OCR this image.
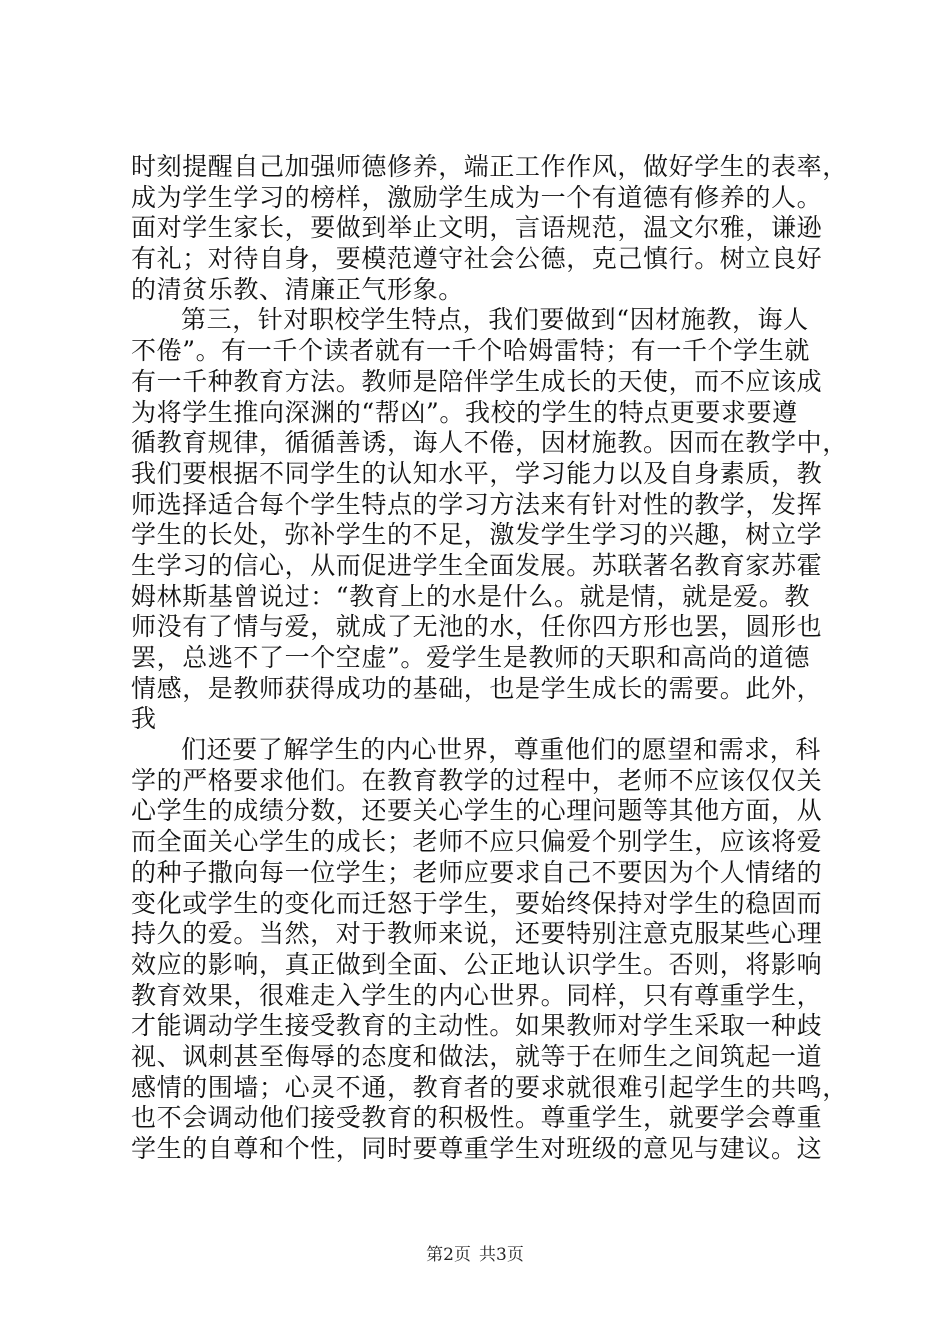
时刻提醒自己加强师德修养，端正工作作风，做好学生的表率，
成为学生学习的榜样，激励学生成为一个有道德有修养的人。
面对学生家长，要做到举止文明，言语规范，温文尔雅，谦逊
有礼；对待自身，要模范遵守社会公德，克己慎行。树立良好
的清贫乐教、清廉正气形象。
第三，针对职校学生特点，我们要做到“因材施教，诲人
不倦”。有一千个读者就有一千个哈姆雷特；有一千个学生就
有一千种教育方法。教师是陪伴学生成长的天使，而不应该成
为将学生推向深渊的“帮凶”。我校的学生的特点更要求要遵
循教育规律，循循善诱，诲人不倦，因材施教。因而在教学中，
我们要根据不同学生的认知水平，学习能力以及自身素质，教
师选择适合每个学生特点的学习方法来有针对性的教学，发挥
学生的长处，弥补学生的不足，激发学生学习的兴趣，树立学
生学习的信心，从而促进学生全面发展。苏联著名教育家苏霍
姆林斯基曾说过：“教育上的水是什么。就是情，就是爱。教
师没有了情与爱，就成了无池的水，任你四方形也罢，圆形也
罢，总逃不了一个空虚”。爱学生是教师的天职和高尚的道德
情感，是教师获得成功的基础，也是学生成长的需要。此外，
我
们还要了解学生的内心世界，尊重他们的愿望和需求，科
学的严格要求他们。在教育教学的过程中，老师不应该仅仅关
心学生的成绩分数，还要关心学生的心理问题等其他方面，从
而全面关心学生的成长；老师不应只偏爱个别学生，应该将爱
的种子撒向每一位学生；老师应要求自己不要因为个人情绪的
变化或学生的变化而迁怒于学生，要始终保持对学生的稳固而
持久的爱。当然，对于教师来说，还要特别注意克服某些心理
效应的影响，真正做到全面、公正地认识学生。否则，将影响
教育效果，很难走入学生的内心世界。同样，只有尊重学生，
才能调动学生接受教育的主动性。如果教师对学生采取一种歧
视、讽刺甚至侮辱的态度和做法，就等于在师生之间筑起一道
感情的围墙；心灵不通，教育者的要求就很难引起学生的共鸣，
也不会调动他们接受教育的积极性。尊重学生，就要学会尊重
学生的自尊和个性，同时要尊重学生对班级的意见与建议。这
第2页 共3页
